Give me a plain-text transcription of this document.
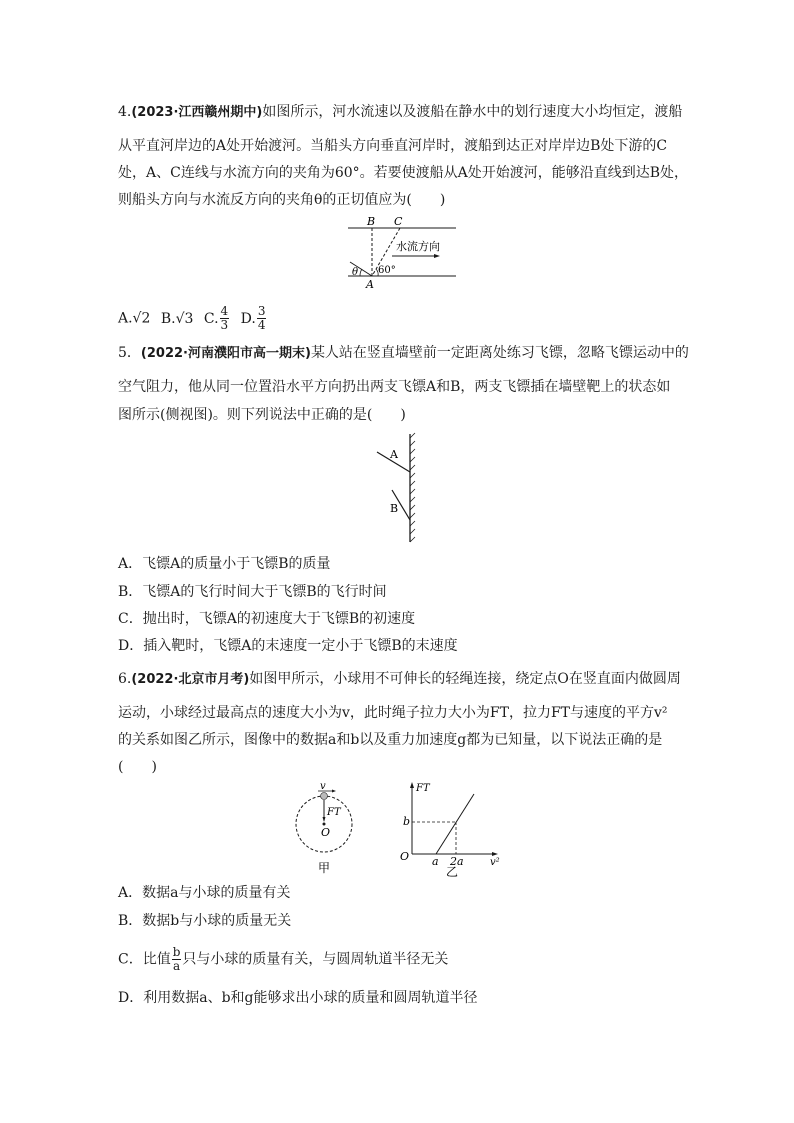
4.(2023·江西赣州期中)如图所示，河水流速以及渡船在静水中的划行速度大小均恒定，渡船
从平直河岸边的A处开始渡河。当船头方向垂直河岸时，渡船到达正对岸岸边B处下游的C
处，A、C连线与水流方向的夹角为60°。若要使渡船从A处开始渡河，能够沿直线到达B处，
则船头方向与水流反方向的夹角θ的正切值应为(　　)
B C
水流方向
θ 60°
A
A.√2 B.√3 C. $\frac{4}{3} D$. $\frac{3}{4}$
5．(2022·河南濮阳市高一期末)某人站在竖直墙壁前一定距离处练习飞镖，忽略飞镖运动中的
空气阻力，他从同一位置沿水平方向扔出两支飞镖A和B，两支飞镖插在墙壁靶上的状态如
图所示(侧视图)。则下列说法中正确的是(　　)
A
B
A．飞镖A的质量小于飞镖B的质量
B．飞镖A的飞行时间大于飞镖B的飞行时间
C．抛出时，飞镖A的初速度大于飞镖B的初速度
D．插入靶时，飞镖A的末速度一定小于飞镖B的末速度
6.(2022·北京市月考)如图甲所示，小球用不可伸长的轻绳连接，绕定点O在竖直面内做圆周
运动，小球经过最高点的速度大小为v，此时绳子拉力大小为FT，拉力FT与速度的平方v²
的关系如图乙所示，图像中的数据a和b以及重力加速度g都为已知量，以下说法正确的是
(　　)
v
FT
O
甲
FT
b
O a 2a	v²
乙
A．数据a与小球的质量有关
B．数据b与小球的质量无关
C．比值 $\frac{b}{a}$ 只与小球的质量有关，与圆周轨道半径无关
D．利用数据a、b和g能够求出小球的质量和圆周轨道半径
